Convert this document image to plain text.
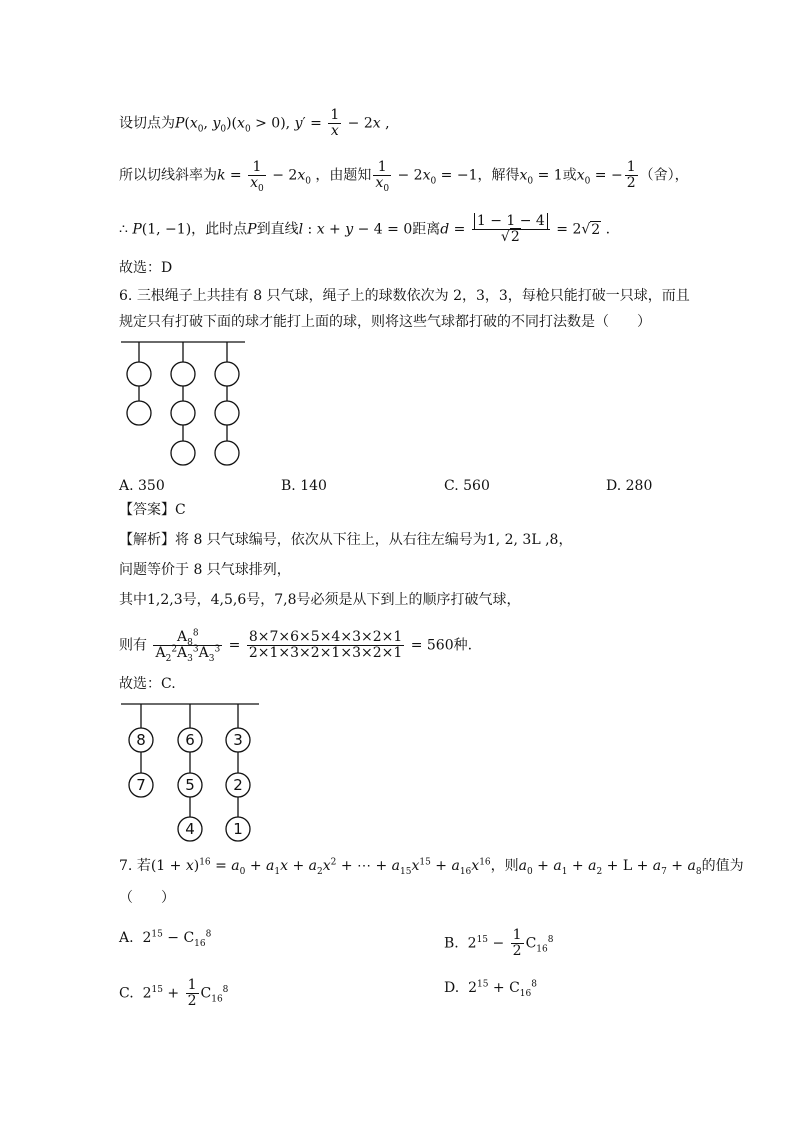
设切点为$P(x_0$, $y_0)(x_0 > 0)$, $y' = \frac{1}{x} - 2x$ ,
所以切线斜率为$k = \frac{1}{x_0} - 2x_0$ ，由题知 $\frac{1}{x_0} - 2x_0 = -1$，解得$x_0 = 1$或$x_0$ = − $\frac{1}{2}$ （舍），
∴ P(1, −1)，此时点P到直线l : x + y − 4 = 0距离$d = \frac{1 - 1 - 4}{√2} = 2√2$ .
故选：D
6. 三根绳子上共挂有 8 只气球，绳子上的球数依次为 2，3，3，每枪只能打破一只球，而且
规定只有打破下面的球才能打上面的球，则将这些气球都打破的不同打法数是（　　）
A. 350	B. 140	C. 560	D. 280
【答案】C
【解析】将 8 只气球编号，依次从下往上，从右往左编号为1, 2, 3L ,8，
问题等价于 8 只气球排列，
其中1,2,3号，4,5,6号，7,8号必须是从下到上的顺序打破气球，
则有 $\frac{A_8^8}{A_2^2A_3^3A_3^3} = \frac{8\times 7\times 6\times 5\times 4\times 3\times 2\times 1}{2\times 1\times 3\times 2\times 1\times 3\times 2\times 1} = 560$种.
故选：C.
8
7
6
5
4
3
2
1
7. 若$(1 + x)^{16} = a_0 + a_1x + a_2x^2$ + ⋯ + $a_{15}x^{15} + a_{16}x^{16}$，则$a_0 + a_1 + a_2 + L + a_7 + a_8$的值为
（　　）
A.  $2^{15} - C_{16}^8$
B.  $2^{15} - \frac{1}{2} C_{16}^8$
C.  $2^{15} + \frac{1}{2} C_{16}^8$	D.  $2^{15} + C_{16}^8$
